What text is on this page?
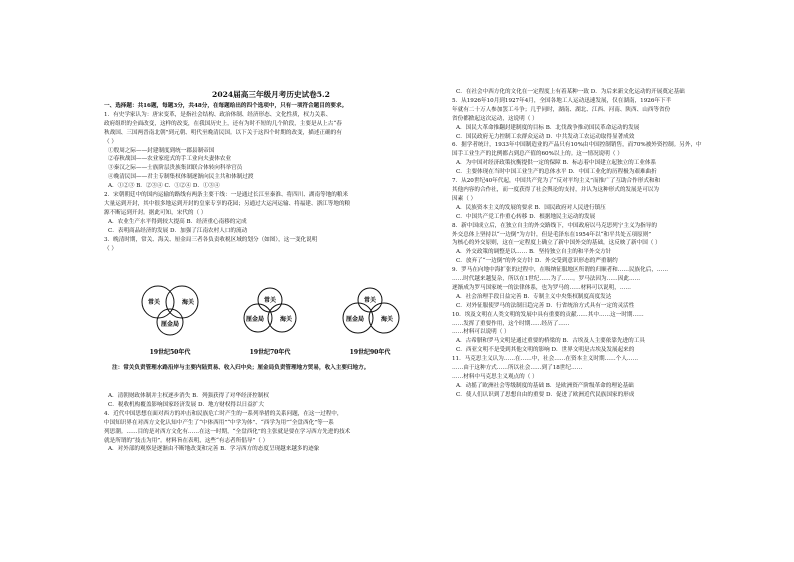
2024届高三年级月考历史试卷5.2

一、选择题：共16题，每题3分，共48分，在每题给出的四个选项中，只有一项符合题目的要求。

1．有史学家认为：唐宋变革，是指社会结构、政治体制、经济形态、文化性质，权力关系、

政府组织的全面改变，这样的改变，在我国历史上，还有为时不短的几个阶段，主要是从上古“春

秋战国、三国两晋南北朝”到元朝、明代至晚清民国。以下关于这四个时期的改变，描述正确的有

（ ）

①殷周之际——封建制度到统一郡县制帝国

②春秋战国——农业家庭式的手工业向夫妻体农业

③秦汉之际——士族阶层贵族集团联合体转向科举官员

④晚清民国——君主专制集权体制逐渐向民主共和体制过渡

A．①②③ B．②③④ C．①②④ D．①③④

2．宋朝朝廷中的国内运输的路线有两条主要干线：一是通过长江至秦淮、将四川、湖南等地的粮米

大量运到开封，其中很多地运到开封的皇家专享的花园；另通过大运河运输、将福建、浙江等地的粮

源不断运到开封。据此可知，宋代的（ ）

A．农业生产水平得到较大提高 B．经济重心南移的完成

C．表明商品经济的发展 D．加强了江南农村人口的流动

3．晚清时期，常关、海关、厘金局三者各负责收税区域的划分（如图），这一变化说明

（ ）

常关	海关
厘金局
19世纪50年代
常关
厘金局	海关
19世纪70年代
常关
厘金局	海关
19世纪90年代

注：常关负责管理水路沿岸与主要内陆贸易、收入归中央；厘金局负责管理地方贸易，收入主要归地方。

A．清朝财政体制并主权逐步消失 B．列强获得了对华经济控制权

C．税收机构覆盖影响国家经济发展 D．地方财权得以日益扩大

4．近代中国思想在面对西方的冲击和民族危亡时产生的一系列举措的关系问题，在这一过程中，

中国知识界在对西方文化认知中产生了“中体西用”“中学为体”、“西学为用”“全盘西化”等一系

列思潮。……目的是对西方文化有……在这一时期，“全盘西化”的主张就是要在学习西方先进的技术

就是所谓的“技击为用”。材料旨在表明，这些“有志者所倡导”（ ）

A．对外部的观察是逐渐由不断地改变和完善 B．学习西方的态度呈现越来越多的迹象

C．在社会中西方化的文化在一定程度上有着某种一致 D．为后来新文化运动的开展奠定基础

5．从1926年10月到1927年4月，全国各地工人运动迅速发展，仅在湖南，1926年下半

年就有二十万人参加罢工斗争；几乎同时，湖南、湖北、江西、河南、陕西、山西等省份

省份都掀起这次运动，这说明（ ）

A．国民大革命推翻封建制度的目标 B．北伐战争推动国民革命运动的发展

C．国民政府无力控制工农群众运动 D．中共发动工农运动取得显著成效

6．据学者统计，1933年中国制造业的产品只有10%由中国控制销售，而70%被外资控制。另外，中

国手工业生产的比例都占到总产值的60%以上的。这一情况说明（ ）

A．为中国对经济政策抗衡提供一定的保障 B．标志着中国建立起独立的工业体系

C．主要体现在当时中国工业生产的总体水平 D．中国工业化的历程极为艰难曲折

7．从20世纪40年代起，中国共产党为了“反对平均主义”而推广了互助合作形式和和

其他内容的合作社，而一度获得了社会舆论的支持，并认为这种形式的发展是可以为

因素（ ）

A．民族资本主义的发展的要求 B．国民政府对人民进行镇压

C．中国共产党工作重心转移 D．根据地民主运动的发展

8．新中国成立后，在独立自主的外交路线下，中国政府以马克思列宁主义为指导的

外交总体上坚持以“一边倒”为方针，但是毛泽东在1954年以“和平共处五项原则”

为核心的外交原则，这在一定程度上确立了新中国外交的基础，这反映了新中国（ ）

A．外交政策的调整是以…… B．坚持独立自主的和平外交方针

C．放弃了“一边倒”的外交方针 D．外交受到意识形态的严重制约

9．罗马在向地中海扩张的过程中，在吸纳征服地区所谓的归顺者和……民族化后，……

……时代越来越复杂，所以在1世纪……为了……。罗马法因为……因此……

逐渐成为罗马国家统一的法律体系，也为罗马的……材料可以说明，……

A．社会治理手段日益完善 B．专制主义中央集权制度高度发达

C．对外征服使罗马的法制日趋完善 D．行省统治方式具有一定的灵活性

10．埃及文明在人类文明的发展中具有重要的贡献……其中……这一时期……

……发挥了重要作用，这个时期……经历了……

……材料可以说明（ ）

A．古希腊和罗马文明是通过重要的桥梁的 B．古埃及人主要依靠先进的工具

C．西亚文明不是受到其他文明的影响 D．世界文明是古埃及发展起来的

11．马克思主义认为……在……中，社会……在资本主义时期……个人……

……由于这种方式……所以社会……到了18世纪……

……材料中马克思主义观点的（ ）

A．动摇了欧洲社会等级制度的基础 B．是欧洲资产阶级革命的理论基础

C．使人们认识到了思想自由的重要 D．促进了欧洲近代民族国家的形成
